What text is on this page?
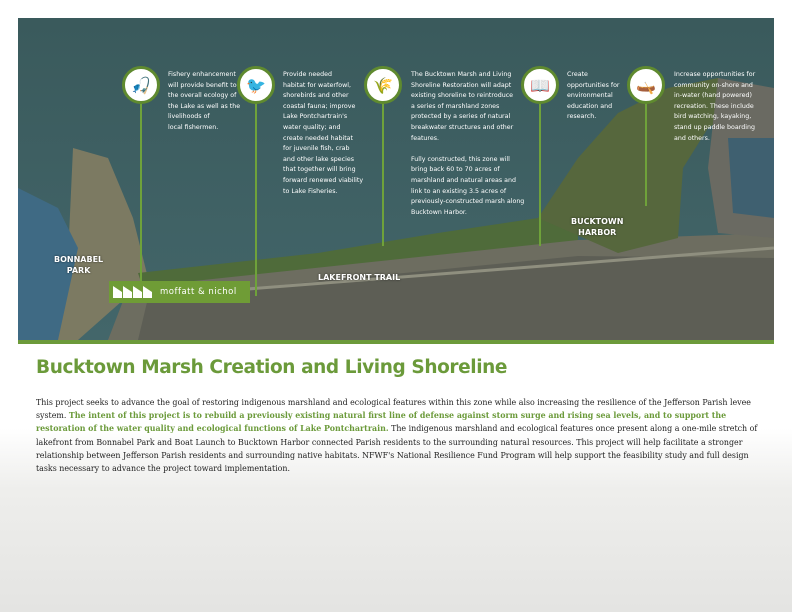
🎣
Fishery enhancement
will provide benefit to
the overall ecology of
the Lake as well as the
livelihoods of
local fishermen.
🐦
Provide needed
habitat for waterfowl,
shorebirds and other
coastal fauna; improve
Lake Pontchartrain's
water quality; and
create needed habitat
for juvenile fish, crab
and other lake species
that together will bring
forward renewed viability
to Lake Fisheries.
🌾
The Bucktown Marsh and Living
Shoreline Restoration will adapt
existing shoreline to reintroduce
a series of marshland zones
protected by a series of natural
breakwater structures and other
features.

Fully constructed, this zone will
bring back 60 to 70 acres of
marshland and natural areas and
link to an existing 3.5 acres of
previously-constructed marsh along
Bucktown Harbor.
📖
Create
opportunities for
environmental
education and
research.
🛶
Increase opportunities for
community on-shore and
in-water (hand powered)
recreation. These include
bird watching, kayaking,
stand up paddle boarding
and others.
BONNABEL
PARK
BUCKTOWN
HARBOR
LAKEFRONT TRAIL
moffatt & nichol
Bucktown Marsh Creation and Living Shoreline
This project seeks to advance the goal of restoring indigenous marshland and ecological features within this zone while also increasing the resilience of the Jefferson Parish levee system. The intent of this project is to rebuild a previously existing natural first line of defense against storm surge and rising sea levels, and to support the restoration of the water quality and ecological functions of Lake Pontchartrain. The indigenous marshland and ecological features once present along a one-mile stretch of lakefront from Bonnabel Park and Boat Launch to Bucktown Harbor connected Parish residents to the surrounding natural resources. This project will help facilitate a stronger relationship between Jefferson Parish residents and surrounding native habitats. NFWF's National Resilience Fund Program will help support the feasibility study and full design tasks necessary to advance the project toward implementation.
